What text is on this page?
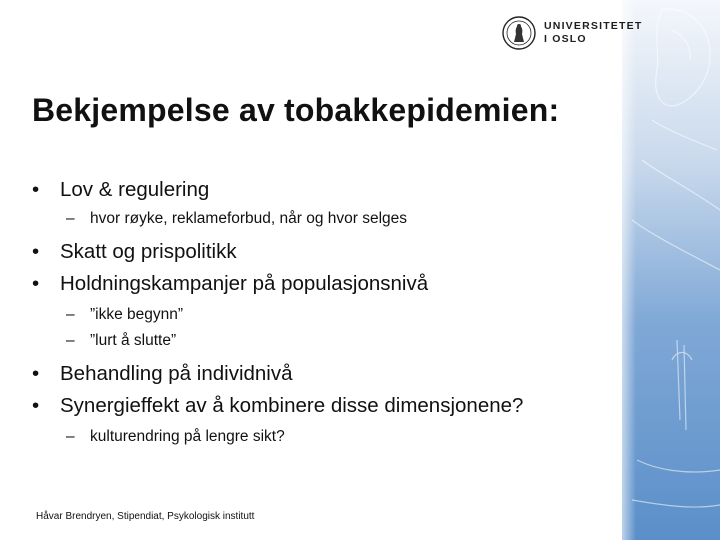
UNIVERSITETET
I OSLO
Bekjempelse av tobakkepidemien:
• Lov & regulering
– hvor røyke, reklameforbud, når og hvor selges
• Skatt og prispolitikk
• Holdningskampanjer på populasjonsnivå
– ”ikke begynn”
– ”lurt å slutte”
• Behandling på individnivå
• Synergieffekt av å kombinere disse dimensjonene?
– kulturendring på lengre sikt?
Håvar Brendryen, Stipendiat, Psykologisk institutt
